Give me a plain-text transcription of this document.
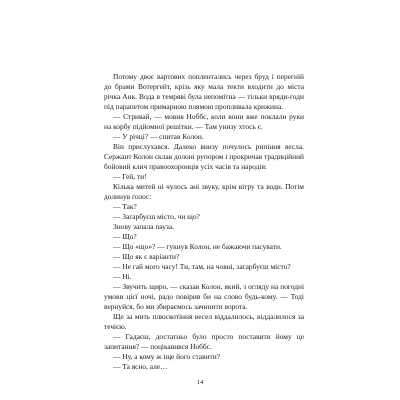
Потому двоє вартових поплентались через бруд і перегній до брами Вотергейт, крізь яку мала текти входити до міста річка Анк. Вода в темряві була непомітна — тільки вряди-годи під парапетом примарною плямою пропливала крижина.

— Стривай, — мовив Ноббс, коли вони вже поклали руки на корбу підйомної решітки. — Там унизу хтось є.

— У річці? — спитав Колон.

Він прислухався. Далеко внизу почулось рипіння весла. Сержант Колон склав долоні рупором і прокричав традиційний бойовий клич правоохоронців усіх часів та народів:

— Гей, ти!

Кілька митей ні чулось ані звуку, крім вітру та води. Потім долинув голос:

— Так?

— Загарбуєш місто, чи що?

Знову запала пауза.

— Що?

— Що «що»? — гукнув Колон, не бажаючи пасувати.

— Що як є варіанти?

— Не гай мого часу! Ти, там, на човні, загарбуєш місто?

— Ні.

— Звучить щиро, — сказав Колон, який, з огляду на погодні умови цієї ночі, радо повірив би на слово будь-кому. — Тоді вернуйся, бо ми збираємось зачинити ворота.

Ще за мить плюскотіння весел віддалилось, віддалилося за течією.

— Гадаєш, достатньо було просто поставити йому це запитання? — поцікавився Ноббс.

— Ну, а кому ж іще його ставити?

— Та ясно, але…

14
